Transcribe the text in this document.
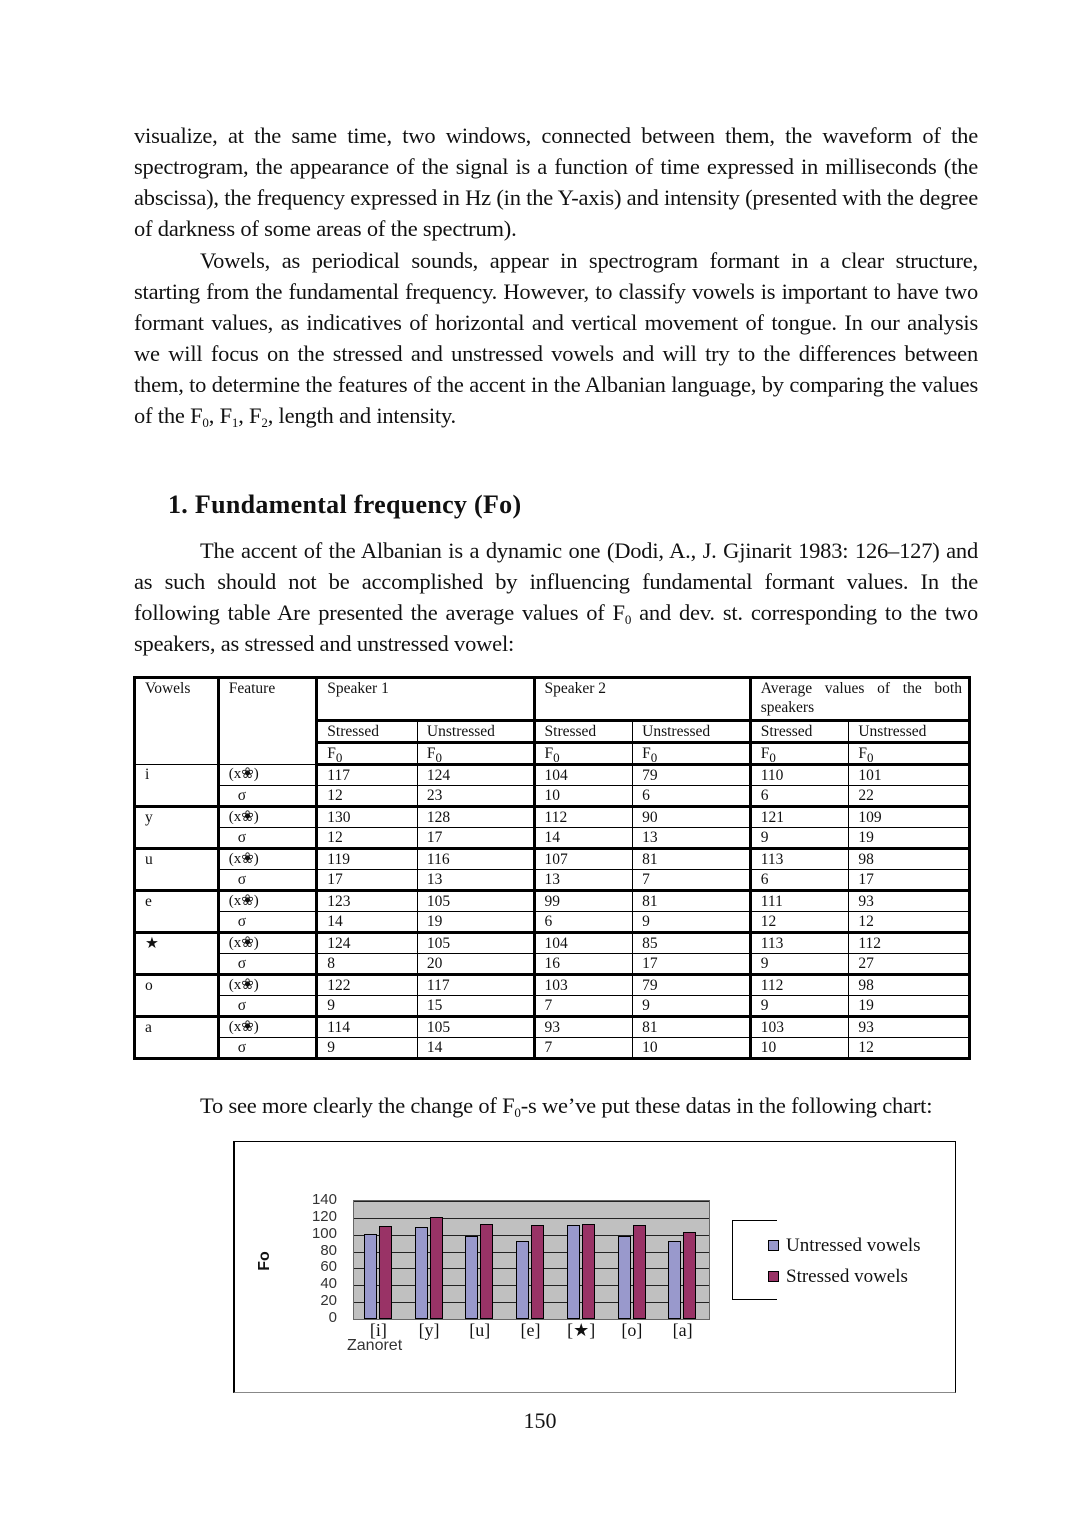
visualize, at the same time, two windows, connected between them, the waveform of the spectrogram, the appearance of the signal is a function of time expressed in milliseconds (the abscissa), the frequency expressed in Hz (in the Y-axis) and intensity (presented with the degree of darkness of some areas of the spectrum).

Vowels, as periodical sounds, appear in spectrogram formant in a clear structure, starting from the fundamental frequency. However, to classify vowels is important to have two formant values, as indicatives of horizontal and vertical movement of tongue. In our analysis we will focus on the stressed and unstressed vowels and will try to the differences between them, to determine the features of the accent in the Albanian language, by comparing the values of the $F_0$, $F_1$, $F_2$, length and intensity.

The accent of the Albanian is a dynamic one (Dodi, A., J. Gjinarit 1983: 126–127) and as such should not be accomplished by influencing fundamental formant values. In the following table Are presented the average values of $F_0$ and dev. st. corresponding to the two speakers, as stressed and unstressed vowel:

To see more clearly the change of $F_0-s$ we’ve put these datas in the following chart:

1. Fundamental frequency (Fo)
Vowels	Feature	Speaker 1		Speaker 2		Average values of the both speakers	
		Stressed	Unstressed	Stressed	Unstressed	Stressed	Unstressed
		$F_0$	$F_0$	$F_0$	$F_0$	$F_0$	$F_0$
i	(x❀)	117	124	104	79	110	101
	σ	12	23	10	6	6	22
y	(x❀)	130	128	112	90	121	109
	σ	12	17	14	13	9	19
u	(x❀)	119	116	107	81	113	98
	σ	17	13	13	7	6	17
e	(x❀)	123	105	99	81	111	93
	σ	14	19	6	9	12	12
★	(x❀)	124	105	104	85	113	112
	σ	8	20	16	17	9	27
o	(x❀)	122	117	103	79	112	98
	σ	9	15	7	9	9	19
a	(x❀)	114	105	93	81	103	93
	σ	9	14	7	10	10	12
Fo
140
120
100
80
60
40
20
0
[i]	[y]	[u]	[e]	[★]	[o]	[a]
Zanoret
Untressed vowels
Stressed vowels
150
